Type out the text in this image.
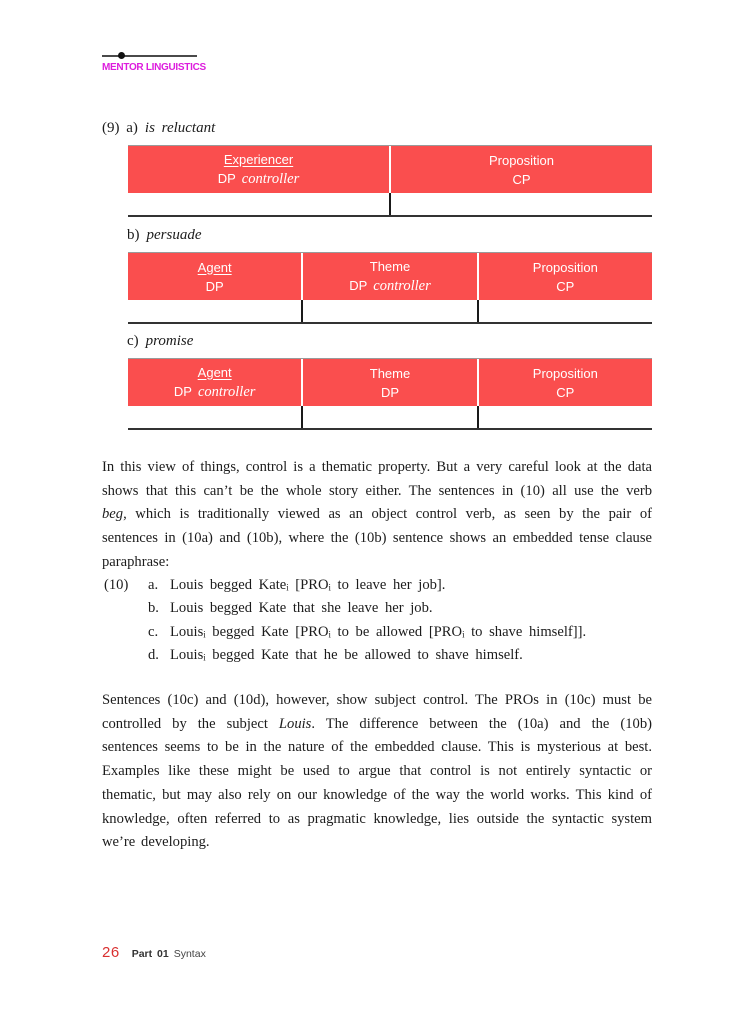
MENTOR LINGUISTICS
(9) a) is reluctant
Experiencer
DP controller
Proposition
CP
b) persuade
Agent
DP
Theme
DP controller
Proposition
CP
c) promise
Agent
DP controller
Theme
DP
Proposition
CP
In this view of things, control is a thematic property. But a very careful look at the data shows that this can’t be the whole story either. The sentences in (10) all use the verb beg, which is traditionally viewed as an object control verb, as seen by the pair of sentences in (10a) and (10b), where the (10b) sentence shows an embedded tense clause paraphrase:
(10)	a. Louis begged Kateᵢ [PROᵢ to leave her job].
b. Louis begged Kate that she leave her job.
c. Louisᵢ begged Kate [PROᵢ to be allowed [PROᵢ to shave himself]].
d. Louisᵢ begged Kate that he be allowed to shave himself.
Sentences (10c) and (10d), however, show subject control. The PROs in (10c) must be controlled by the subject Louis. The difference between the (10a) and the (10b) sentences seems to be in the nature of the embedded clause. This is mysterious at best. Examples like these might be used to argue that control is not entirely syntactic or thematic, but may also rely on our knowledge of the way the world works. This kind of knowledge, often referred to as pragmatic knowledge, lies outside the syntactic system we’re developing.
26 Part 01 Syntax
